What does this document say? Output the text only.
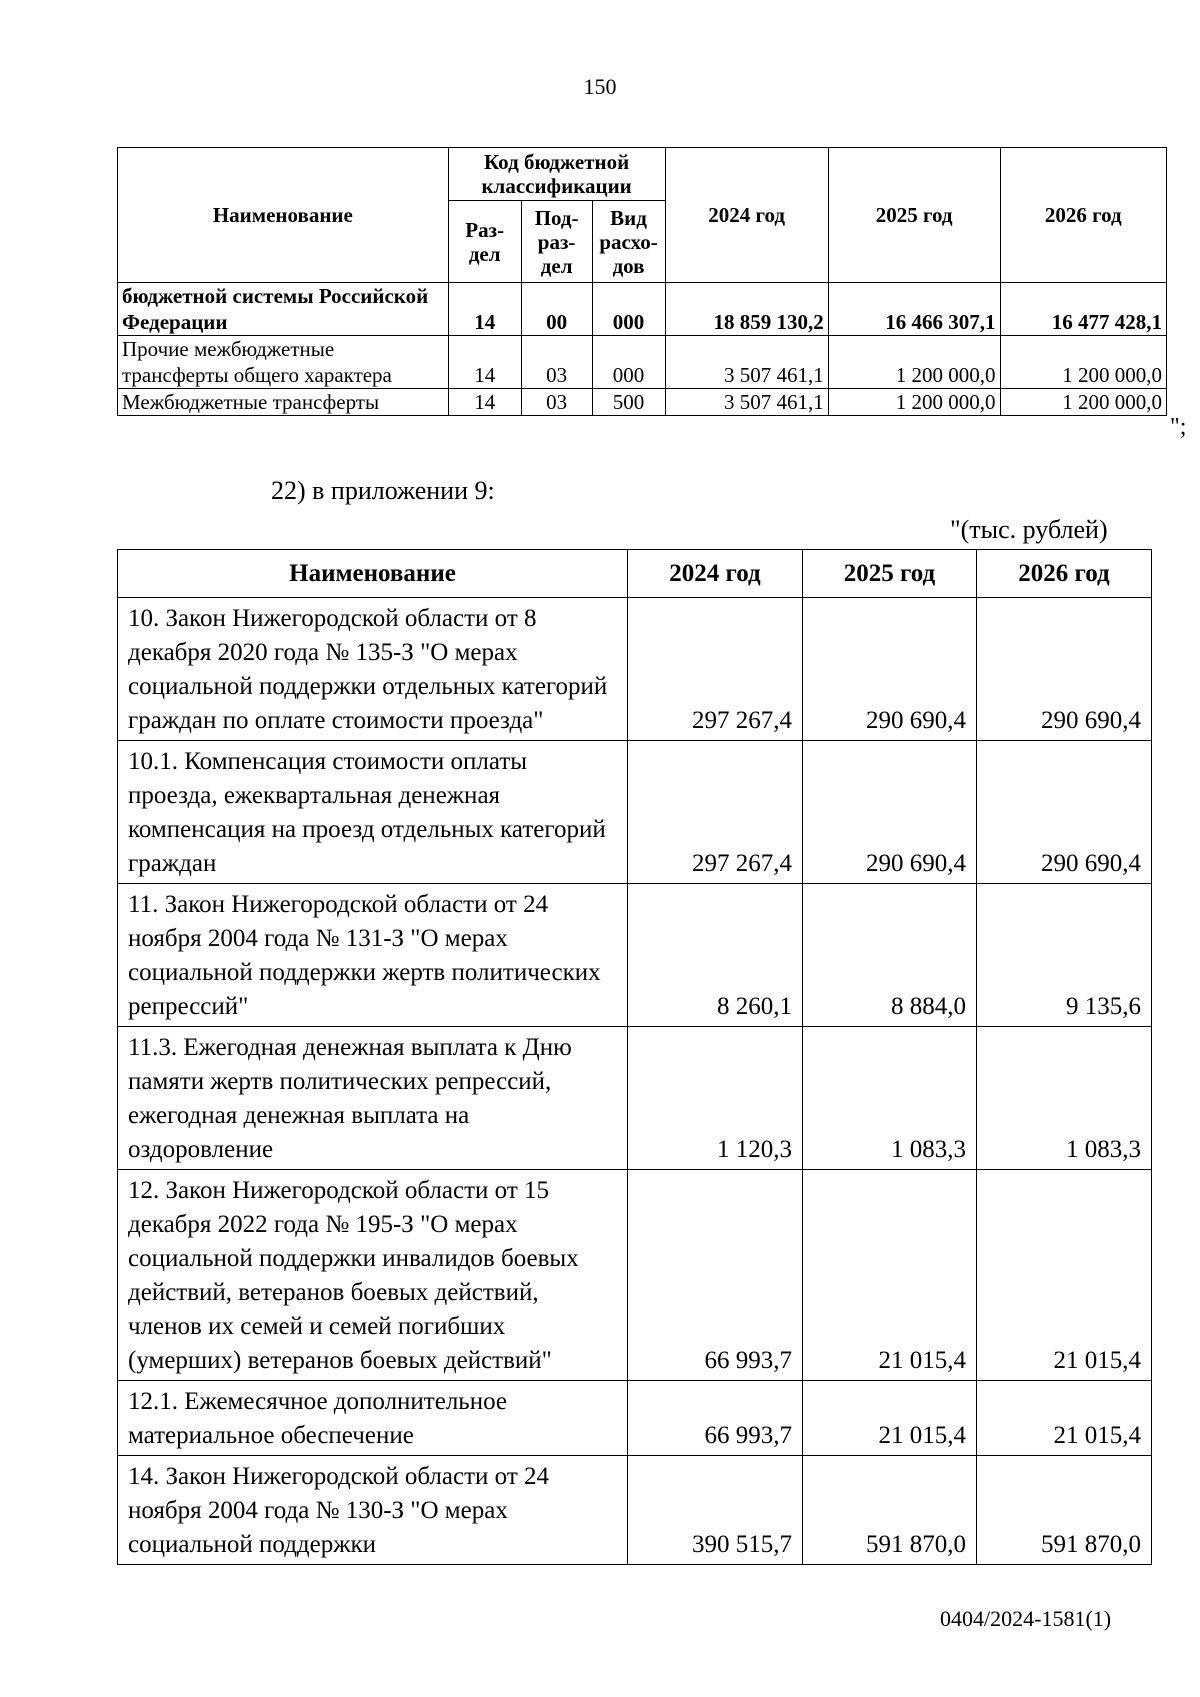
150
Наименование	Код бюджетной классификации			2024 год	2025 год	2026 год
	Раз-дел	Под-раз-дел	Вид расхо-дов			
бюджетной системы Российской Федерации	14	00	000	18 859 130,2	16 466 307,1	16 477 428,1
Прочие межбюджетные трансферты общего характера	14	03	000	3 507 461,1	1 200 000,0	1 200 000,0
Межбюджетные трансферты	14	03	500	3 507 461,1	1 200 000,0	1 200 000,0
";
22) в приложении 9:
"(тыс. рублей)
Наименование	2024 год	2025 год	2026 год
10. Закон Нижегородской области от 8 декабря 2020 года № 135-З "О мерах социальной поддержки отдельных категорий граждан по оплате стоимости проезда"	297 267,4	290 690,4	290 690,4
10.1. Компенсация стоимости оплаты проезда, ежеквартальная денежная компенсация на проезд отдельных категорий граждан	297 267,4	290 690,4	290 690,4
11. Закон Нижегородской области от 24 ноября 2004 года № 131-З "О мерах социальной поддержки жертв политических репрессий"	8 260,1	8 884,0	9 135,6
11.3. Ежегодная денежная выплата к Дню памяти жертв политических репрессий, ежегодная денежная выплата на оздоровление	1 120,3	1 083,3	1 083,3
12. Закон Нижегородской области от 15 декабря 2022 года № 195-З "О мерах социальной поддержки инвалидов боевых действий, ветеранов боевых действий, членов их семей и семей погибших (умерших) ветеранов боевых действий"	66 993,7	21 015,4	21 015,4
12.1. Ежемесячное дополнительное материальное обеспечение	66 993,7	21 015,4	21 015,4
14. Закон Нижегородской области от 24 ноября 2004 года № 130-З "О мерах социальной поддержки	390 515,7	591 870,0	591 870,0
0404/2024-1581(1)
